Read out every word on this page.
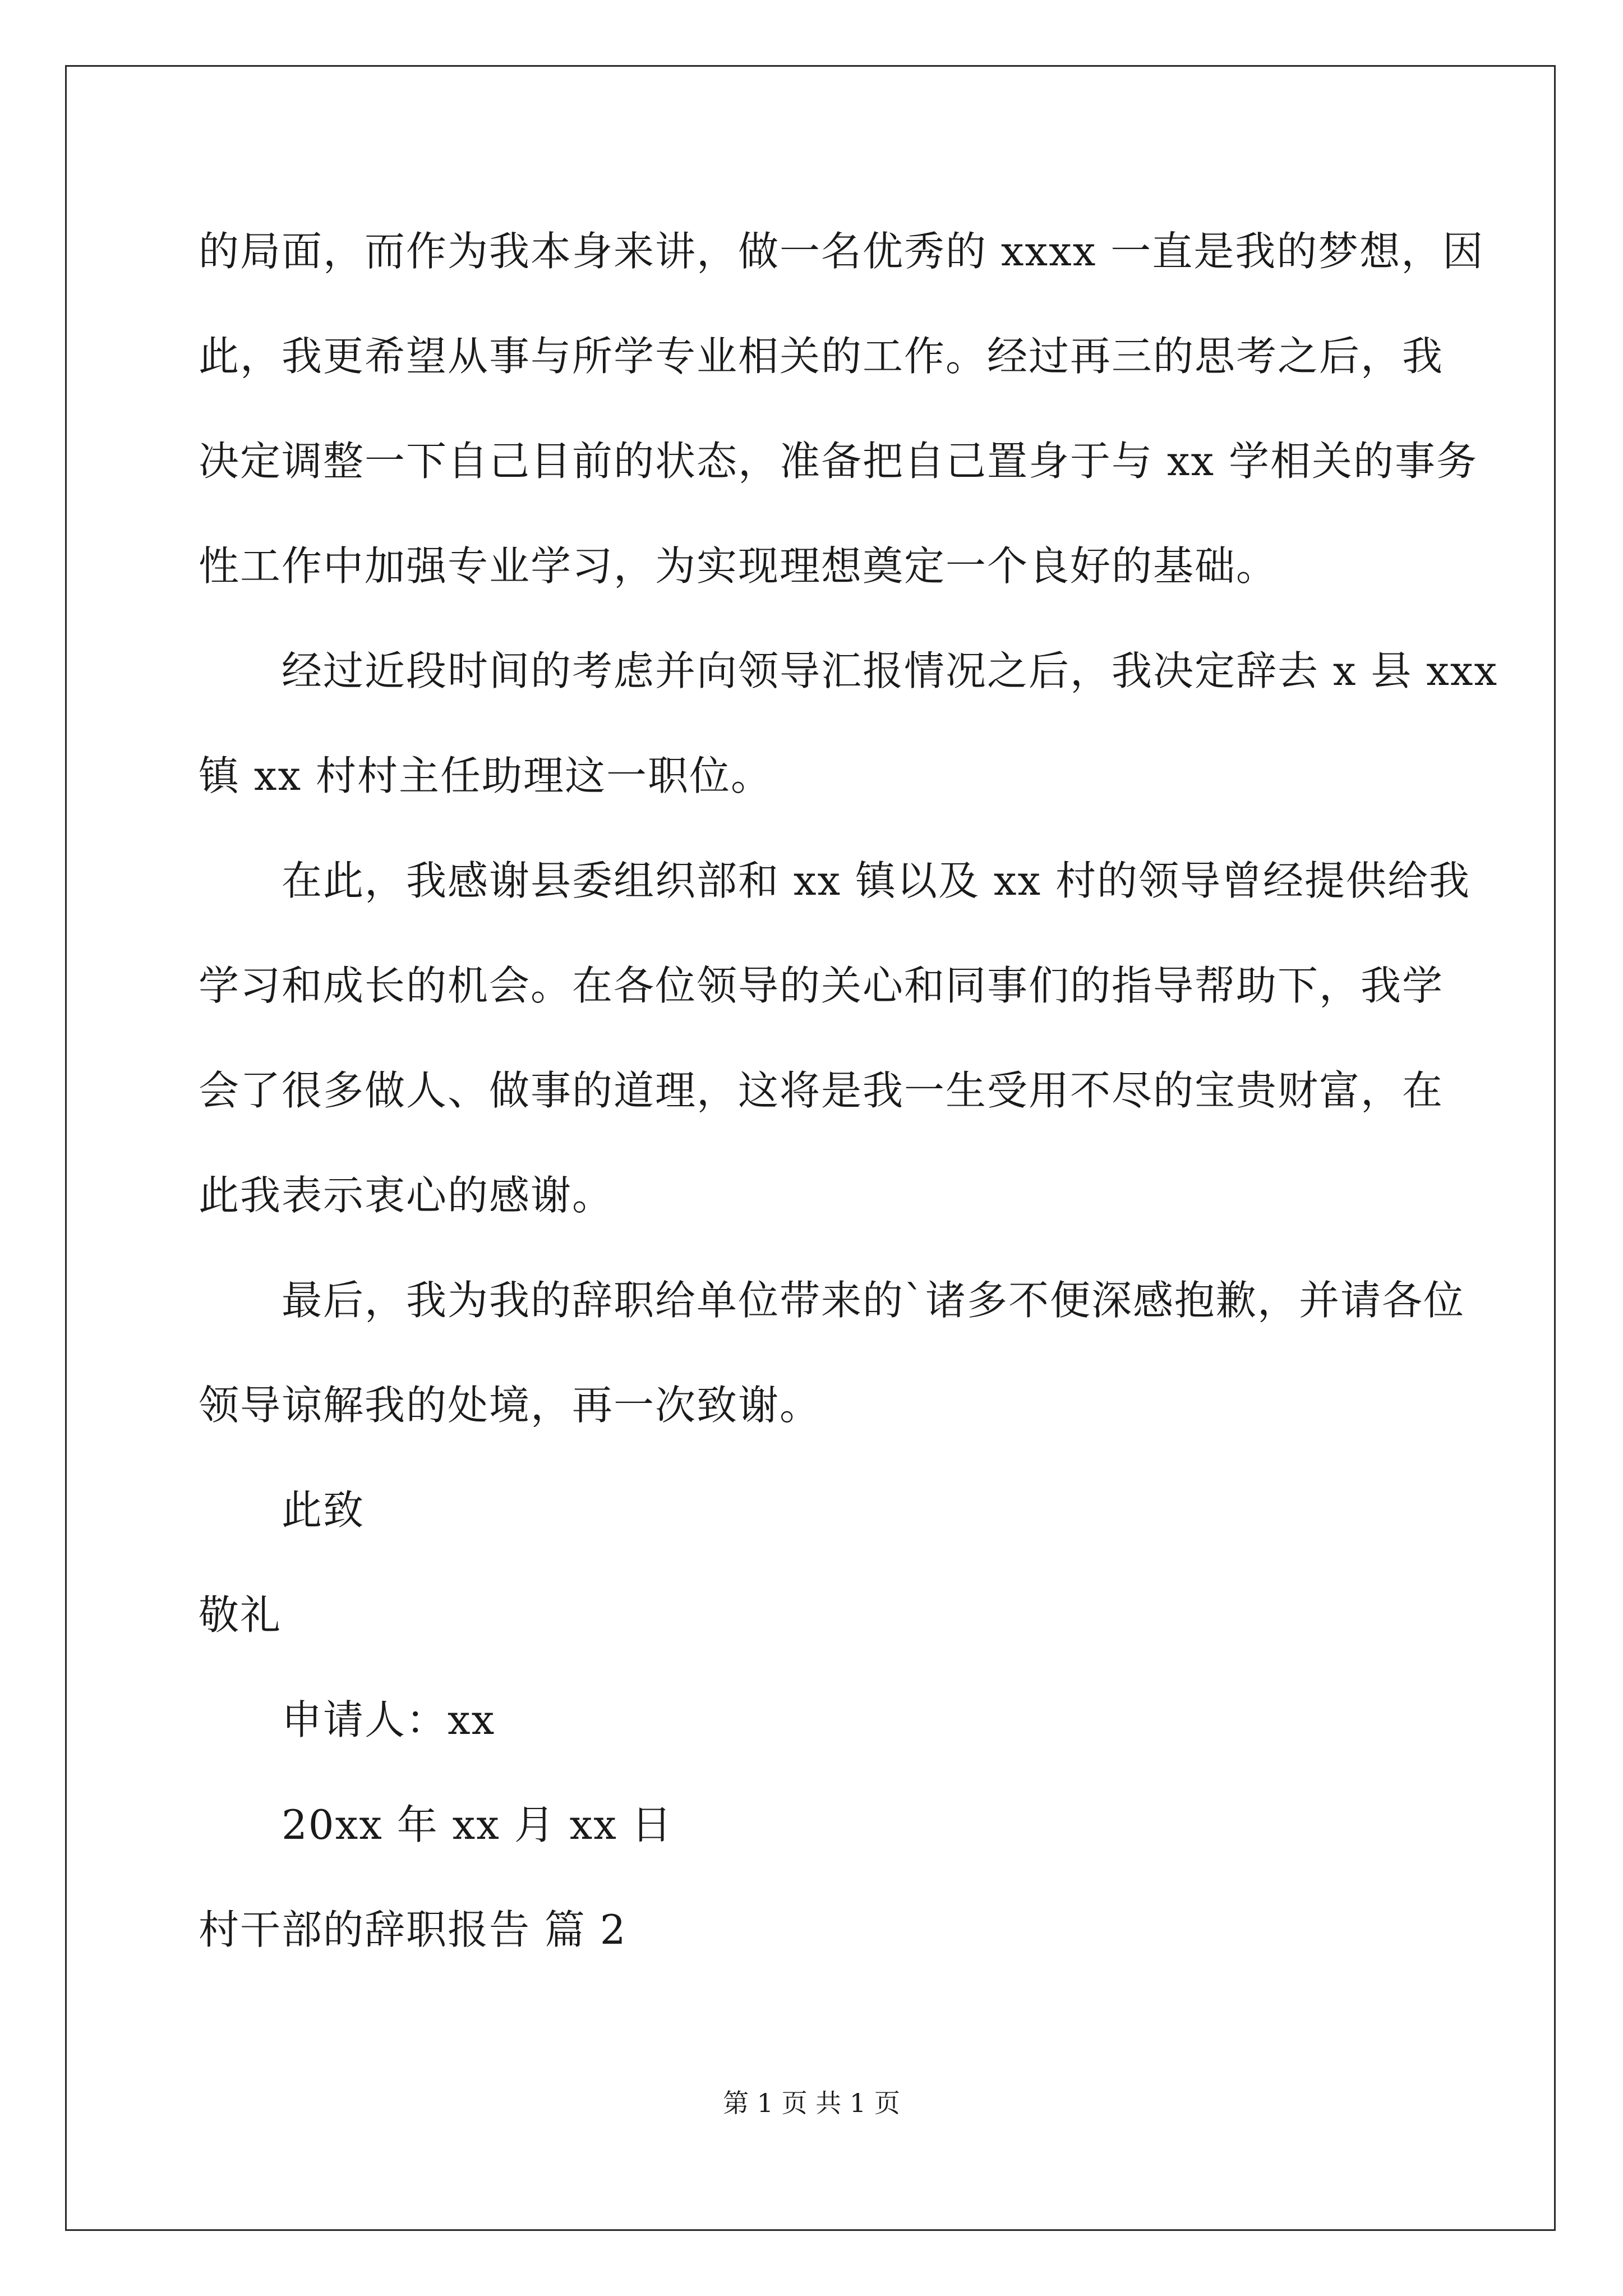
的局面，而作为我本身来讲，做一名优秀的 xxxx 一直是我的梦想，因
此，我更希望从事与所学专业相关的工作。经过再三的思考之后，我
决定调整一下自己目前的状态，准备把自己置身于与 xx 学相关的事务
性工作中加强专业学习，为实现理想奠定一个良好的基础。
经过近段时间的考虑并向领导汇报情况之后，我决定辞去 x 县 xxx
镇 xx 村村主任助理这一职位。
在此，我感谢县委组织部和 xx 镇以及 xx 村的领导曾经提供给我
学习和成长的机会。在各位领导的关心和同事们的指导帮助下，我学
会了很多做人、做事的道理，这将是我一生受用不尽的宝贵财富，在
此我表示衷心的感谢。
最后，我为我的辞职给单位带来的`诸多不便深感抱歉，并请各位
领导谅解我的处境，再一次致谢。
此致
敬礼
申请人：xx
20xx 年 xx 月 xx 日
村干部的辞职报告 篇 2
第 1 页 共 1 页
